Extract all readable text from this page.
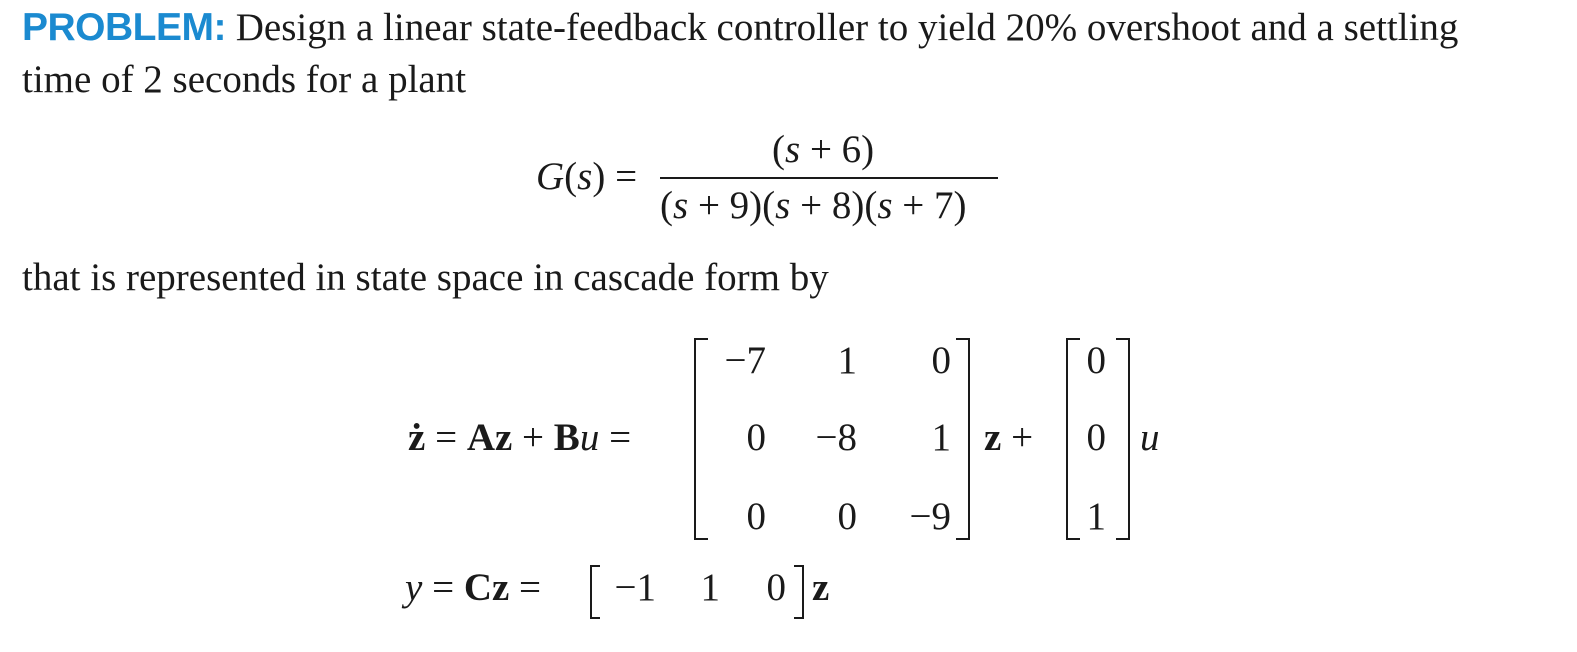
PROBLEM: Design a linear state-feedback controller to yield 20% overshoot and a settling
time of 2 seconds for a plant
G(s) =
(s + 6)
(s + 9)(s + 8)(s + 7)
that is represented in state space in cascade form by
ż = Az + Bu =
−7	1	0
0	−8	1
0	0	−9
z +
0
0
1
u
y = Cz =	−1	1	0 z
